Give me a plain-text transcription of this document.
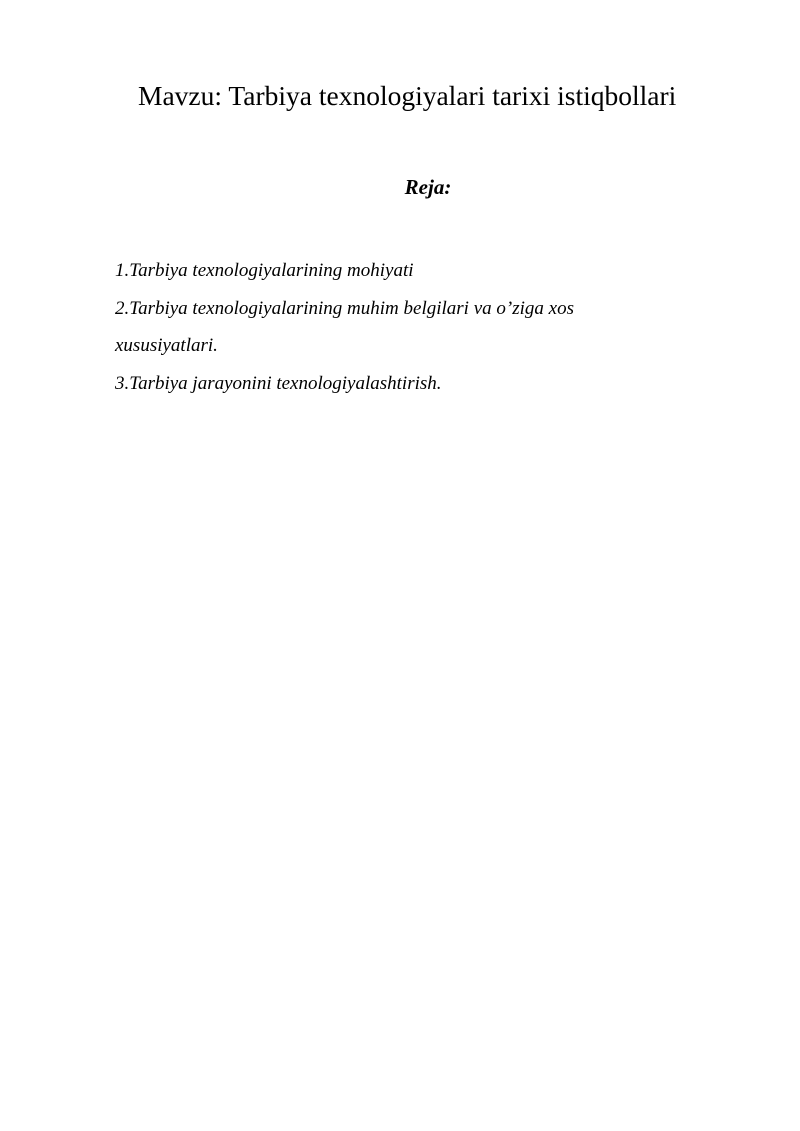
Mavzu: Tarbiya texnologiyalari tarixi istiqbollari
Reja:
1.Tarbiya texnologiyalarining mohiyati
2.Tarbiya texnologiyalarining muhim belgilari va o’ziga xos
xususiyatlari.
3.Tarbiya jarayonini texnologiyalashtirish.
